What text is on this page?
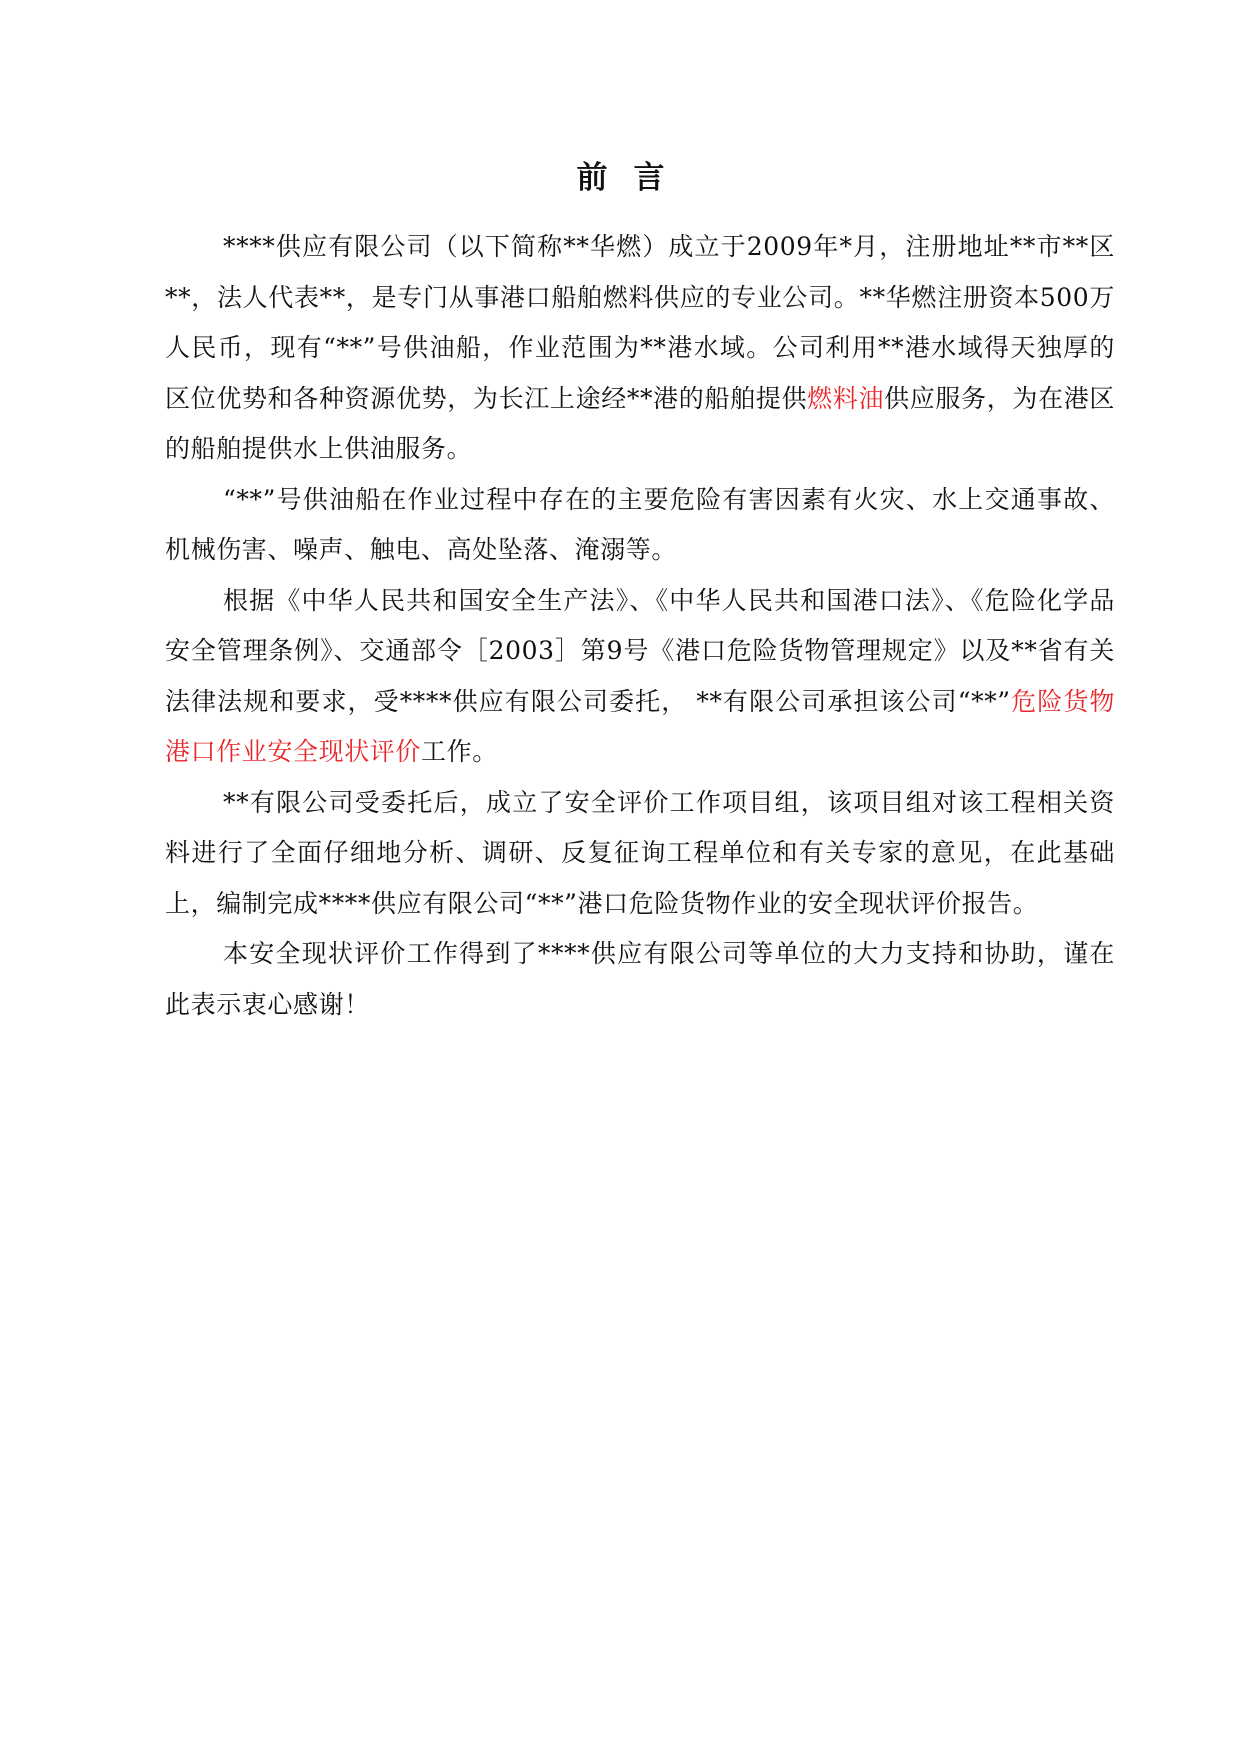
前言

****供应有限公司（以下简称**华燃）成立于2009年*月，注册地址**市**区**，法人代表**，是专门从事港口船舶燃料供应的专业公司。**华燃注册资本500万人民币，现有“**”号供油船，作业范围为**港水域。公司利用**港水域得天独厚的区位优势和各种资源优势，为长江上途经**港的船舶提供燃料油供应服务，为在港区的船舶提供水上供油服务。

“**”号供油船在作业过程中存在的主要危险有害因素有火灾、水上交通事故、机械伤害、噪声、触电、高处坠落、淹溺等。

根据《中华人民共和国安全生产法》、《中华人民共和国港口法》、《危险化学品安全管理条例》、交通部令［2003］第9号《港口危险货物管理规定》以及**省有关法律法规和要求，受****供应有限公司委托， **有限公司承担该公司“**”危险货物港口作业安全现状评价工作。

**有限公司受委托后，成立了安全评价工作项目组，该项目组对该工程相关资料进行了全面仔细地分析、调研、反复征询工程单位和有关专家的意见，在此基础上，编制完成****供应有限公司“**”港口危险货物作业的安全现状评价报告。

本安全现状评价工作得到了****供应有限公司等单位的大力支持和协助，谨在此表示衷心感谢！
